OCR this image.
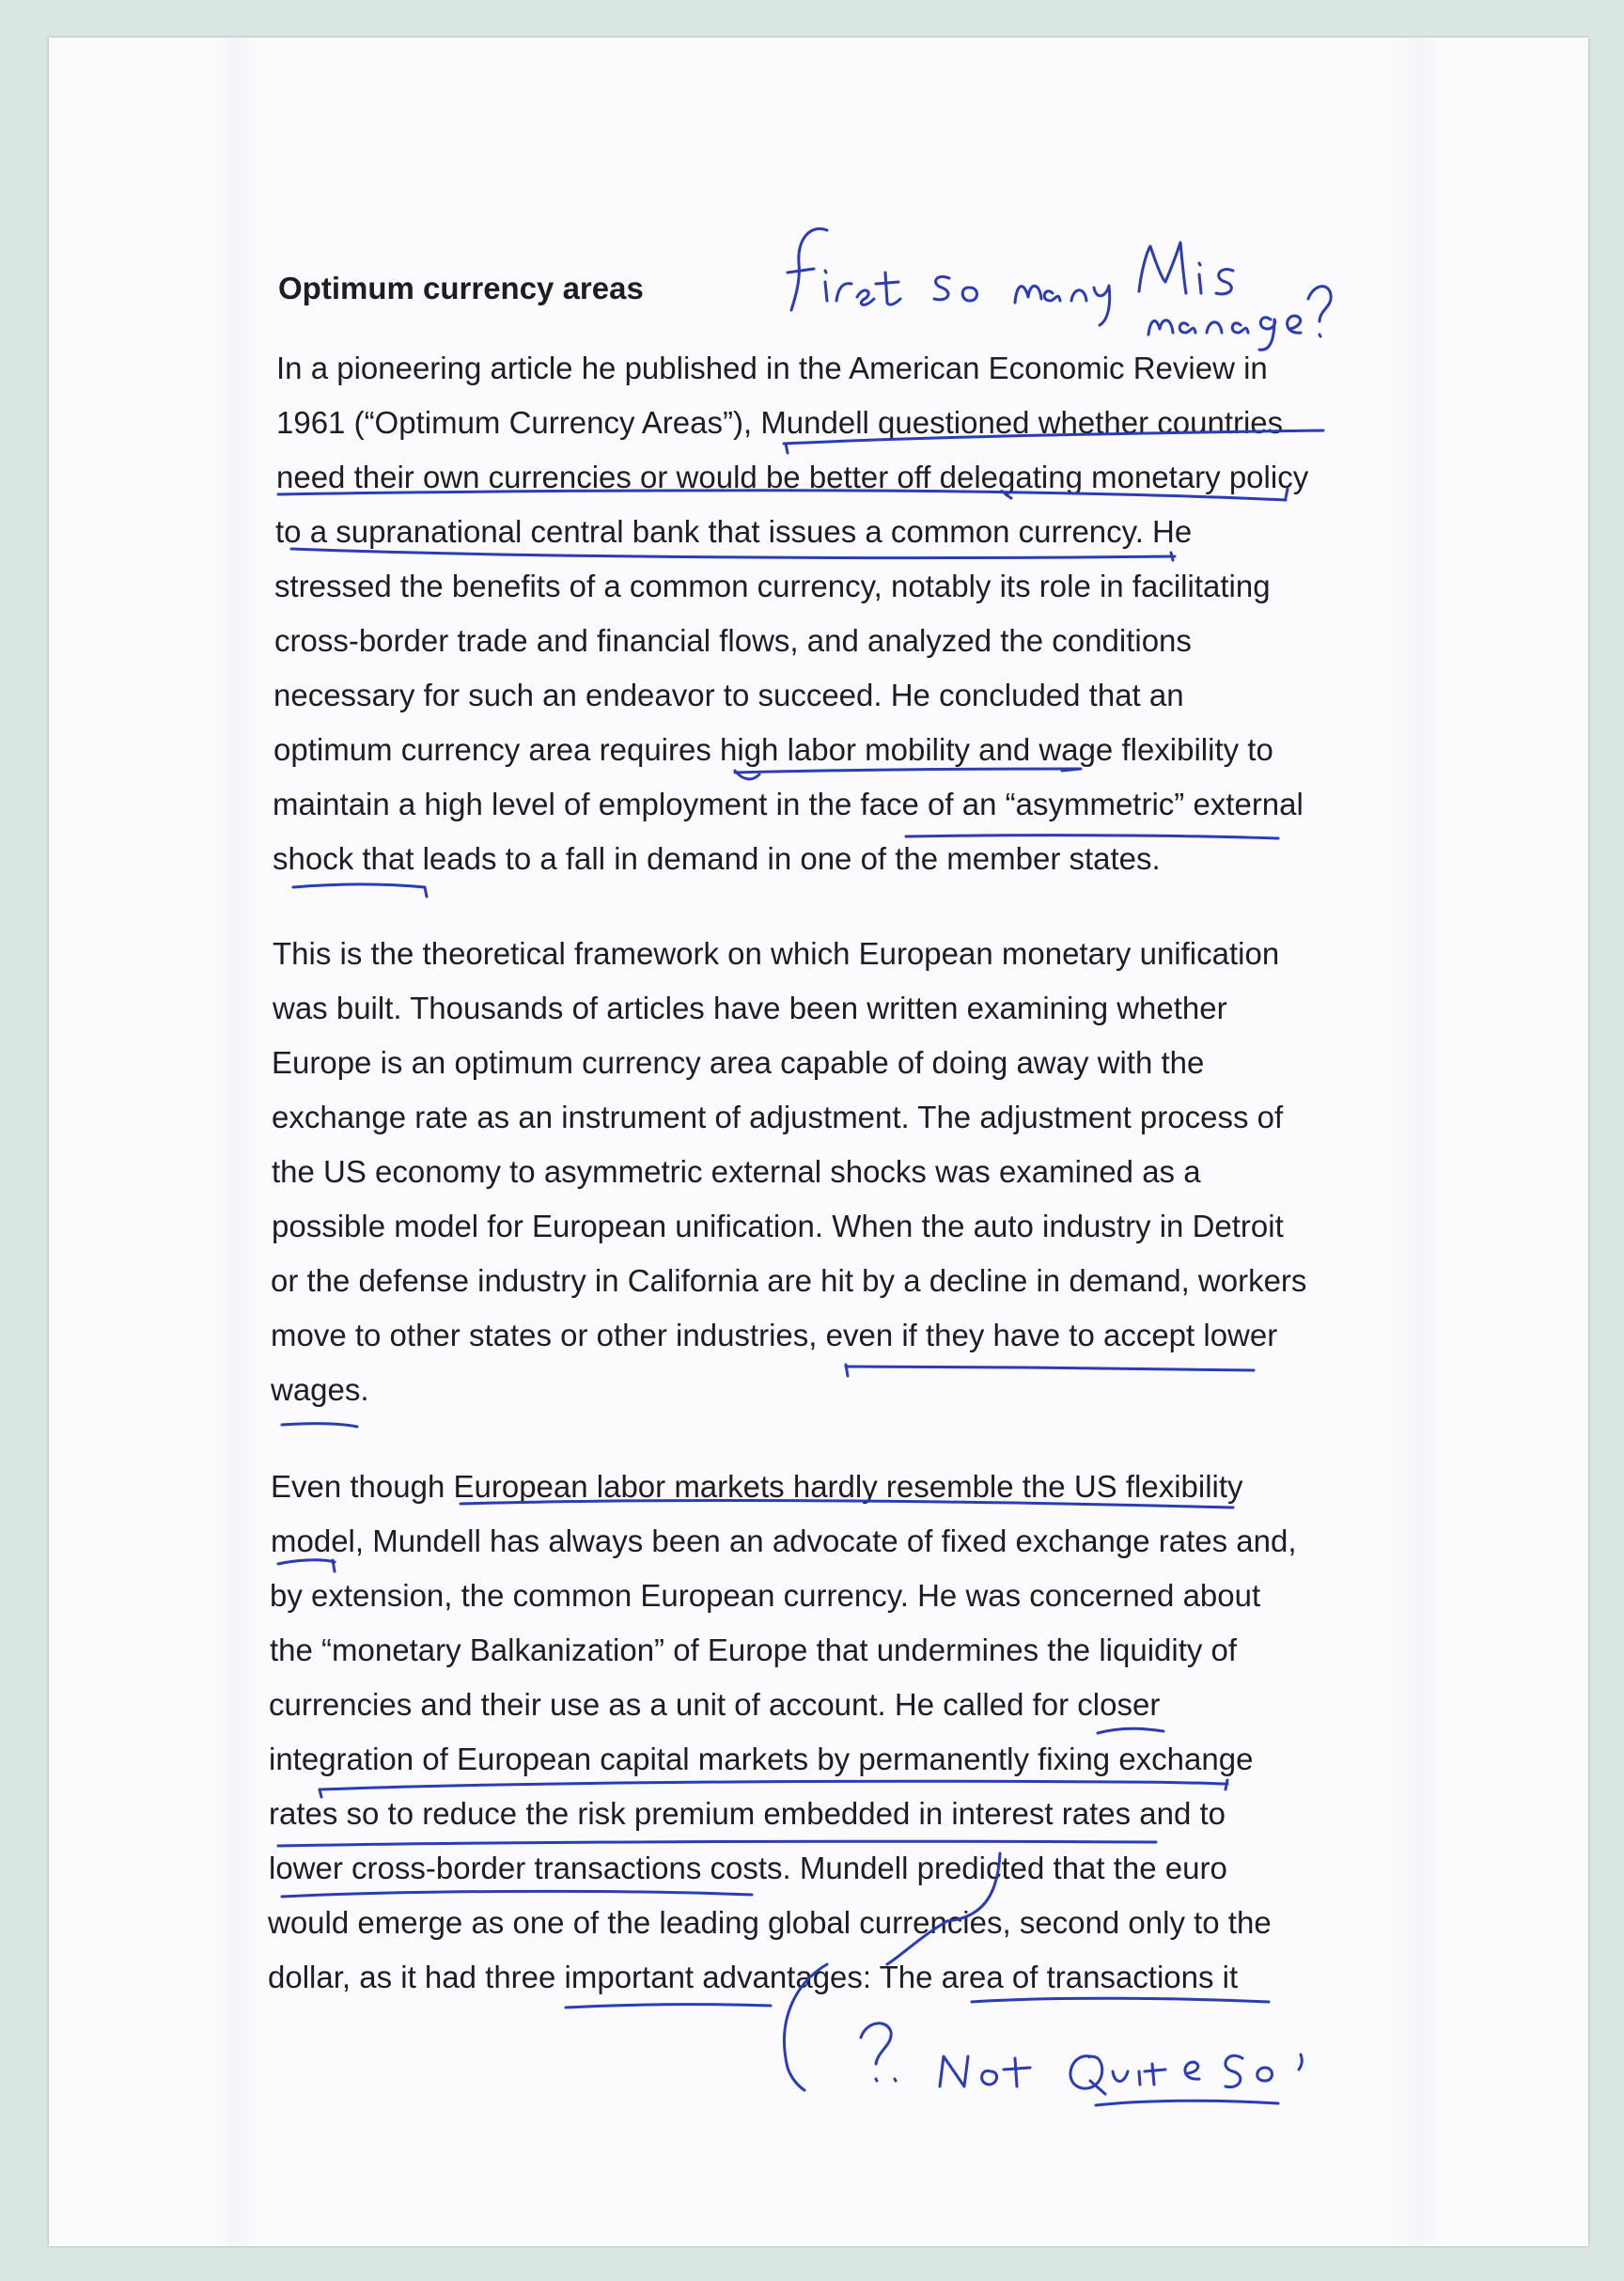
Optimum currency areas
In a pioneering article he published in the American Economic Review in
1961 (“Optimum Currency Areas”), Mundell questioned whether countries
need their own currencies or would be better off delegating monetary policy
to a supranational central bank that issues a common currency. He
stressed the benefits of a common currency, notably its role in facilitating
cross-border trade and financial flows, and analyzed the conditions
necessary for such an endeavor to succeed. He concluded that an
optimum currency area requires high labor mobility and wage flexibility to
maintain a high level of employment in the face of an “asymmetric” external
shock that leads to a fall in demand in one of the member states.
This is the theoretical framework on which European monetary unification
was built. Thousands of articles have been written examining whether
Europe is an optimum currency area capable of doing away with the
exchange rate as an instrument of adjustment. The adjustment process of
the US economy to asymmetric external shocks was examined as a
possible model for European unification. When the auto industry in Detroit
or the defense industry in California are hit by a decline in demand, workers
move to other states or other industries, even if they have to accept lower
wages.
Even though European labor markets hardly resemble the US flexibility
model, Mundell has always been an advocate of fixed exchange rates and,
by extension, the common European currency. He was concerned about
the “monetary Balkanization” of Europe that undermines the liquidity of
currencies and their use as a unit of account. He called for closer
integration of European capital markets by permanently fixing exchange
rates so to reduce the risk premium embedded in interest rates and to
lower cross-border transactions costs. Mundell predicted that the euro
would emerge as one of the leading global currencies, second only to the
dollar, as it had three important advantages: The area of transactions it
